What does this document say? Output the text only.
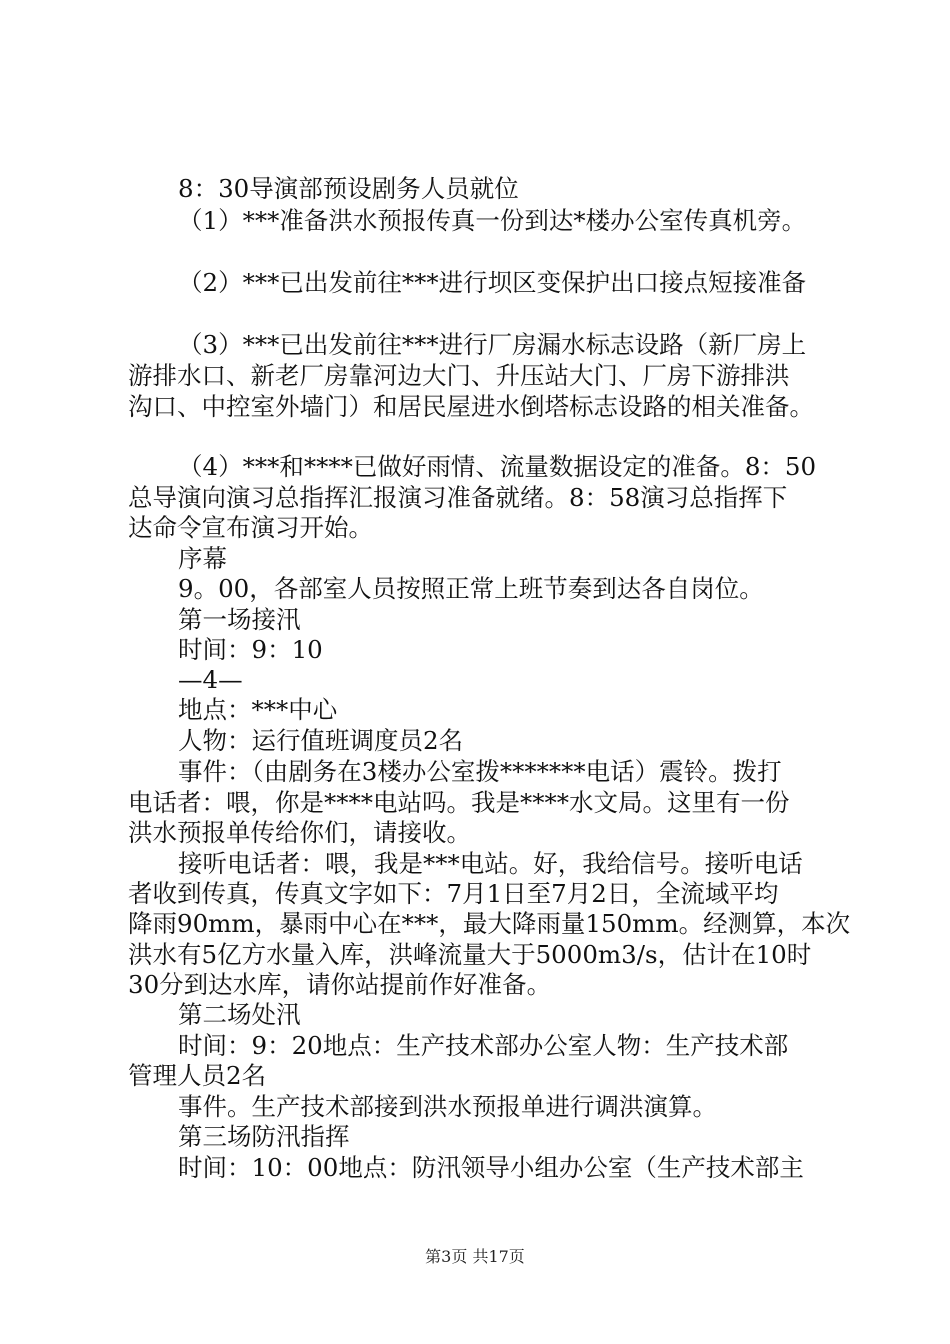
8：30导演部预设剧务人员就位
（1）***准备洪水预报传真一份到达*楼办公室传真机旁。
（2）***已出发前往***进行坝区变保护出口接点短接准备
（3）***已出发前往***进行厂房漏水标志设路（新厂房上
游排水口、新老厂房靠河边大门、升压站大门、厂房下游排洪
沟口、中控室外墙门）和居民屋进水倒塔标志设路的相关准备。
（4）***和****已做好雨情、流量数据设定的准备。8：50
总导演向演习总指挥汇报演习准备就绪。8：58演习总指挥下
达命令宣布演习开始。
序幕
9。00，各部室人员按照正常上班节奏到达各自岗位。
第一场接汛
时间：9：10
—4—
地点：***中心
人物：运行值班调度员2名
事件：（由剧务在3楼办公室拨*******电话）震铃。拨打
电话者：喂，你是****电站吗。我是****水文局。这里有一份
洪水预报单传给你们，请接收。
接听电话者：喂，我是***电站。好，我给信号。接听电话
者收到传真，传真文字如下：7月1日至7月2日，全流域平均
降雨90mm，暴雨中心在***，最大降雨量150mm。经测算，本次
洪水有5亿方水量入库，洪峰流量大于5000m3/s，估计在10时
30分到达水库，请你站提前作好准备。
第二场处汛
时间：9：20地点：生产技术部办公室人物：生产技术部
管理人员2名
事件。生产技术部接到洪水预报单进行调洪演算。
第三场防汛指挥
时间：10：00地点：防汛领导小组办公室（生产技术部主
第3页 共17页
